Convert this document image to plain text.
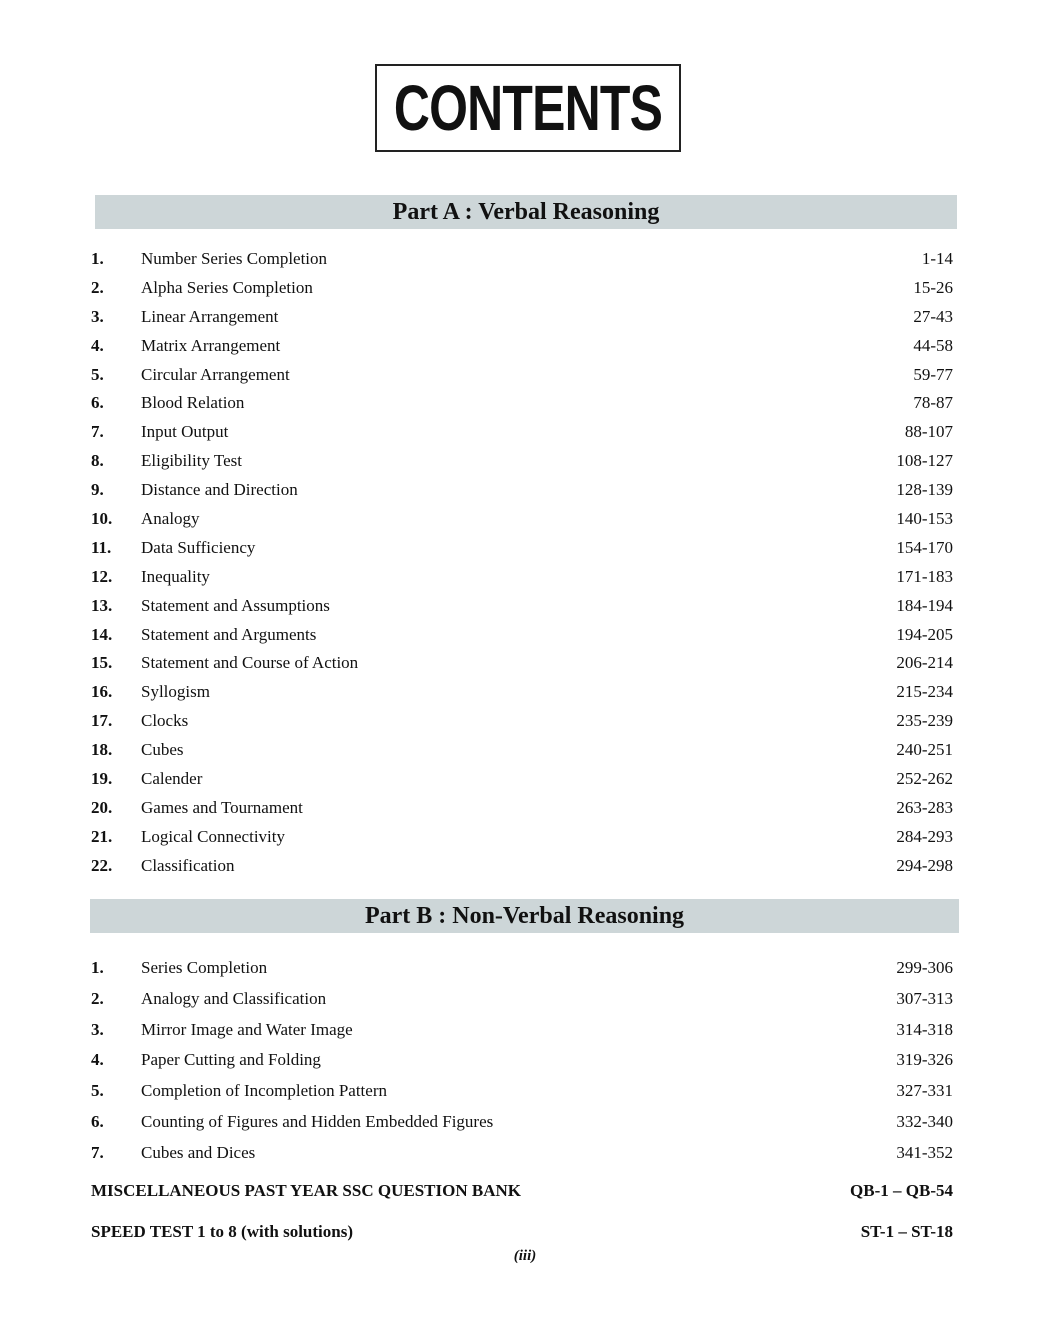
CONTENTS
Part A : Verbal Reasoning
1. Number Series Completion	1-14
2. Alpha Series Completion	15-26
3. Linear Arrangement	27-43
4. Matrix Arrangement	44-58
5. Circular Arrangement	59-77
6. Blood Relation	78-87
7. Input Output	88-107
8. Eligibility Test	108-127
9. Distance and Direction	128-139
10. Analogy	140-153
11. Data Sufficiency	154-170
12. Inequality	171-183
13. Statement and Assumptions	184-194
14. Statement and Arguments	194-205
15. Statement and Course of Action	206-214
16. Syllogism	215-234
17. Clocks	235-239
18. Cubes	240-251
19. Calender	252-262
20. Games and Tournament	263-283
21. Logical Connectivity	284-293
22. Classification	294-298
Part B : Non-Verbal Reasoning
1. Series Completion	299-306
2. Analogy and Classification	307-313
3. Mirror Image and Water Image	314-318
4. Paper Cutting and Folding	319-326
5. Completion of Incompletion Pattern	327-331
6. Counting of Figures and Hidden Embedded Figures	332-340
7. Cubes and Dices	341-352
MISCELLANEOUS PAST YEAR SSC QUESTION BANK	QB-1 – QB-54
SPEED TEST 1 to 8 (with solutions)	ST-1 – ST-18
(iii)
